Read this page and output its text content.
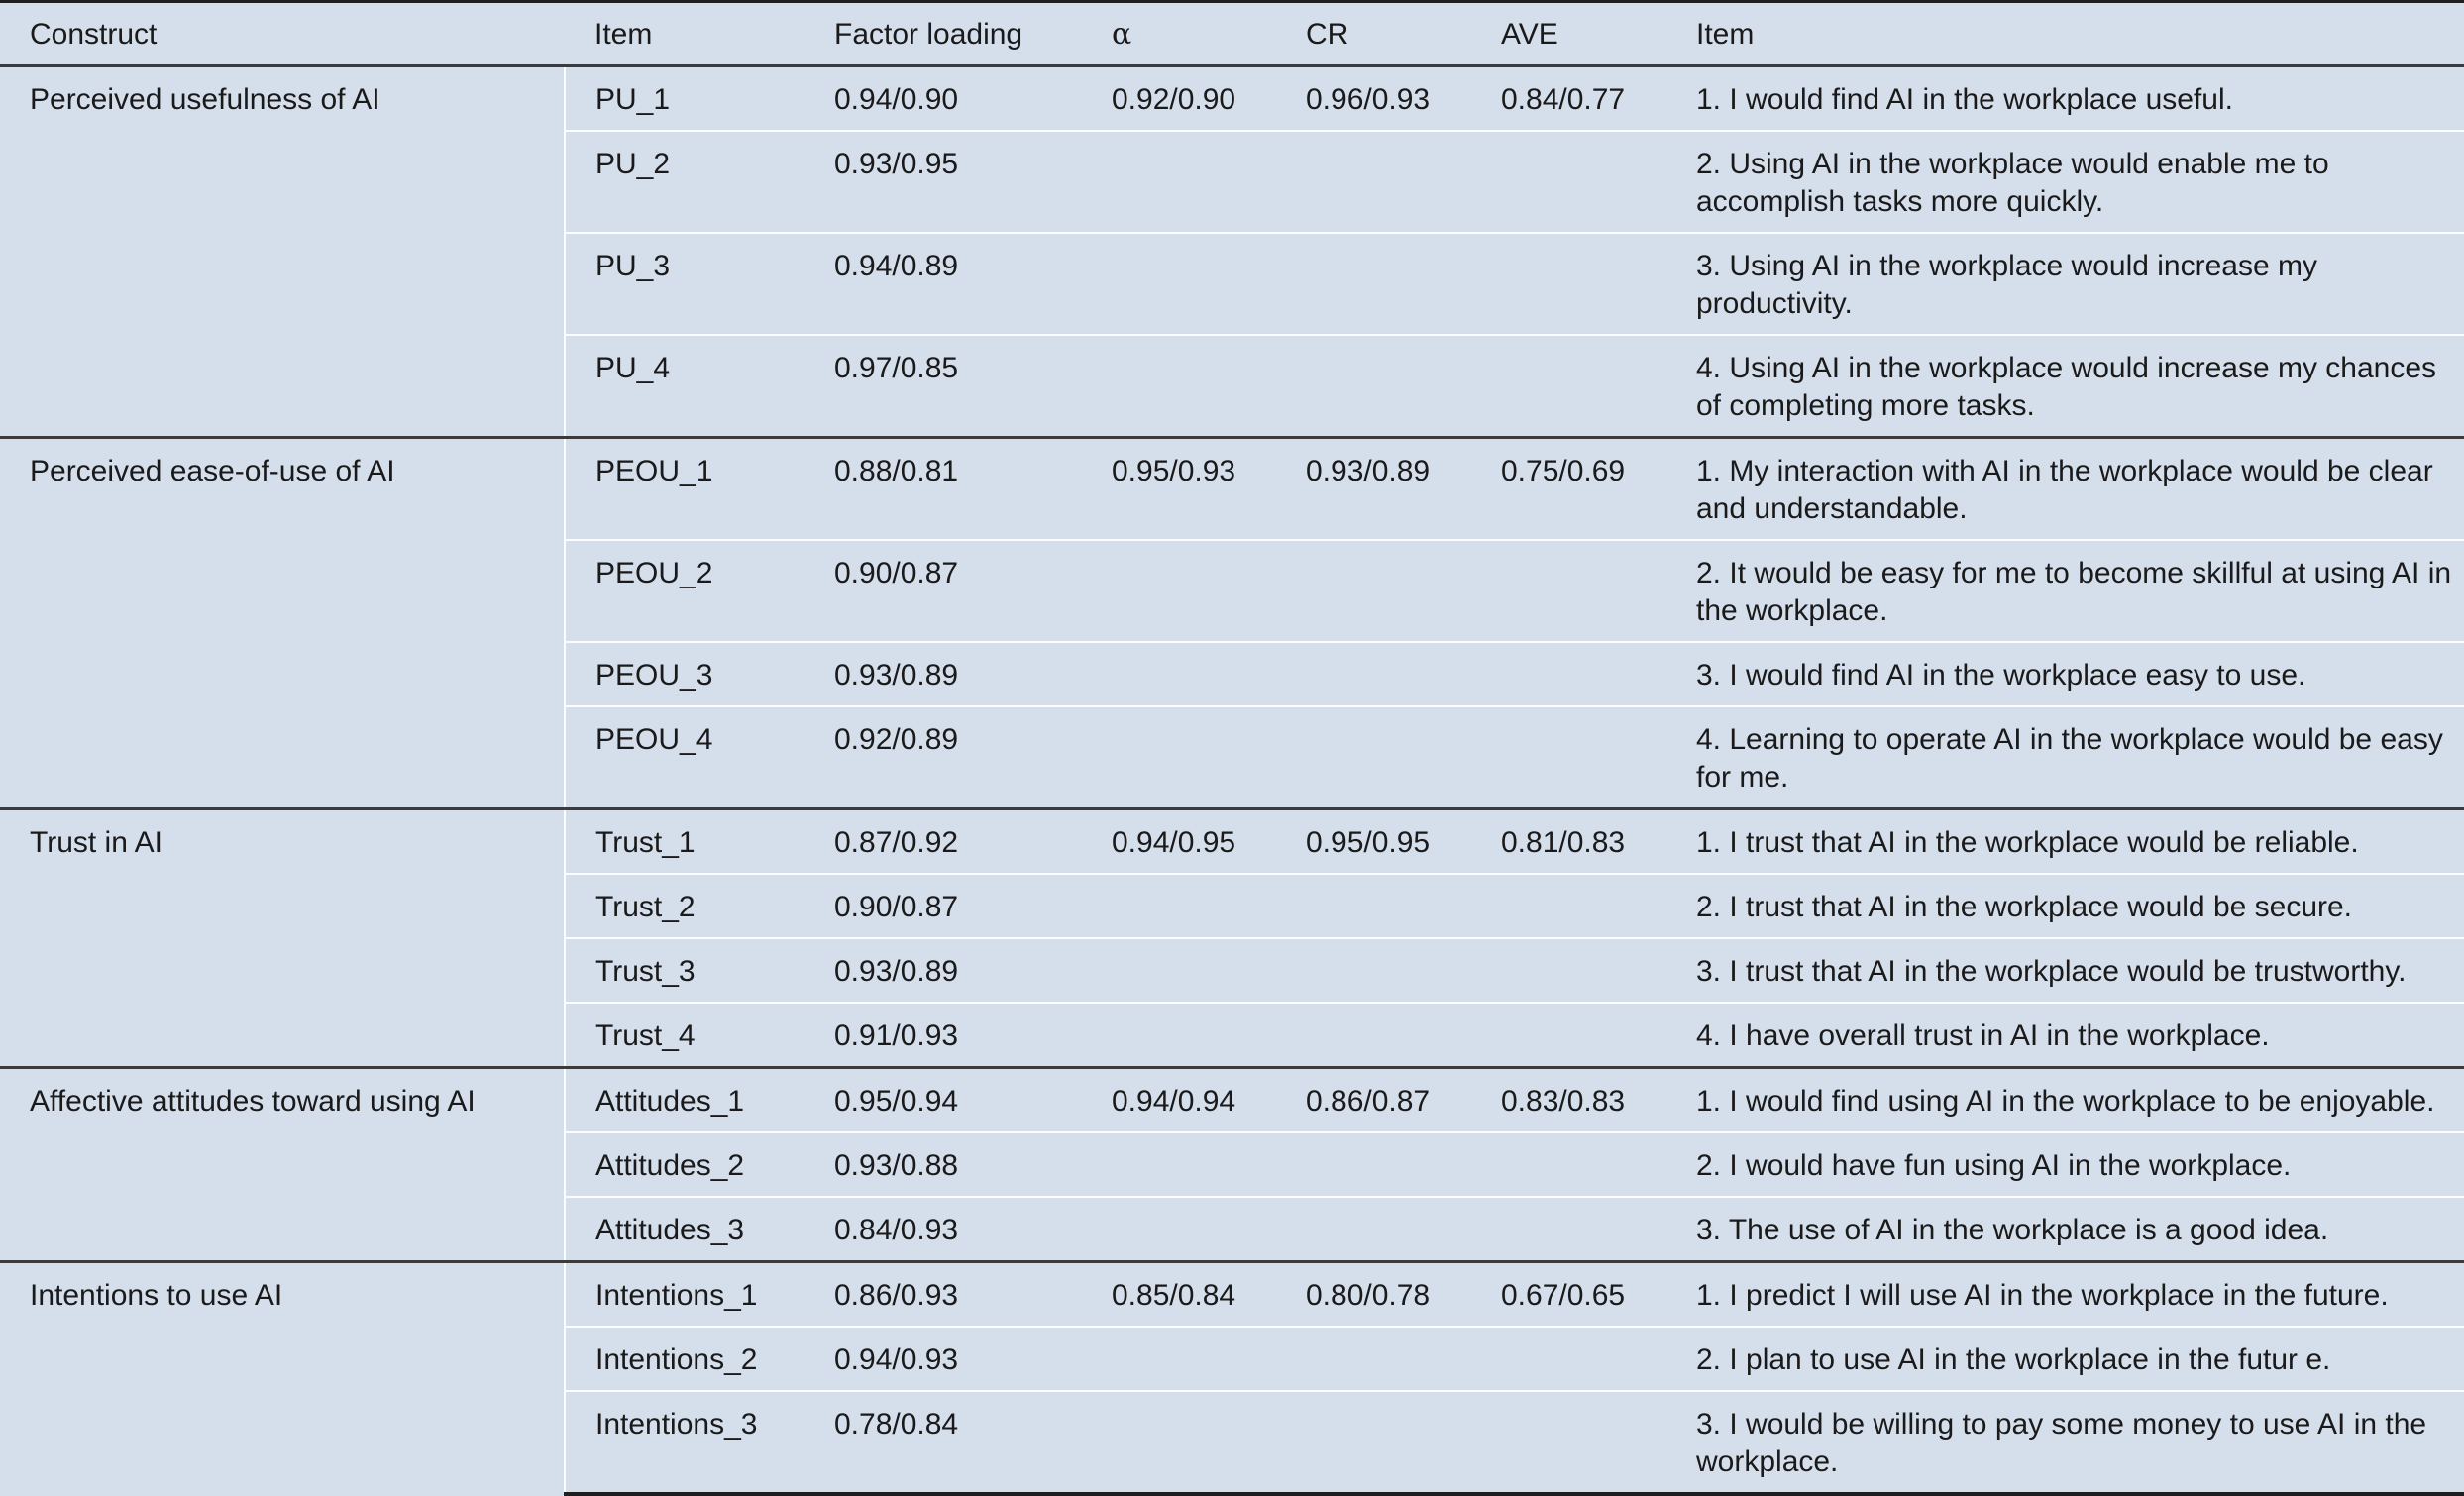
Construct	Item	Factor loading	α	CR	AVE	Item
Perceived usefulness of AI	PU_1	0.94/0.90	0.92/0.90	0.96/0.93	0.84/0.77	1. I would find AI in the workplace useful.
	PU_2	0.93/0.95				2. Using AI in the workplace would enable me to accomplish tasks more quickly.
	PU_3	0.94/0.89				3. Using AI in the workplace would increase my productivity.
	PU_4	0.97/0.85				4. Using AI in the workplace would increase my chances of completing more tasks.
Perceived ease-of-use of AI	PEOU_1	0.88/0.81	0.95/0.93	0.93/0.89	0.75/0.69	1. My interaction with AI in the workplace would be clear and understandable.
	PEOU_2	0.90/0.87				2. It would be easy for me to become skillful at using AI in the workplace.
	PEOU_3	0.93/0.89				3. I would find AI in the workplace easy to use.
	PEOU_4	0.92/0.89				4. Learning to operate AI in the workplace would be easy for me.
Trust in AI	Trust_1	0.87/0.92	0.94/0.95	0.95/0.95	0.81/0.83	1. I trust that AI in the workplace would be reliable.
	Trust_2	0.90/0.87				2. I trust that AI in the workplace would be secure.
	Trust_3	0.93/0.89				3. I trust that AI in the workplace would be trustworthy.
	Trust_4	0.91/0.93				4. I have overall trust in AI in the workplace.
Affective attitudes toward using AI	Attitudes_1	0.95/0.94	0.94/0.94	0.86/0.87	0.83/0.83	1. I would find using AI in the workplace to be enjoyable.
	Attitudes_2	0.93/0.88				2. I would have fun using AI in the workplace.
	Attitudes_3	0.84/0.93				3. The use of AI in the workplace is a good idea.
Intentions to use AI	Intentions_1	0.86/0.93	0.85/0.84	0.80/0.78	0.67/0.65	1. I predict I will use AI in the workplace in the future.
	Intentions_2	0.94/0.93				2. I plan to use AI in the workplace in the futur e.
	Intentions_3	0.78/0.84				3. I would be willing to pay some money to use AI in the workplace.
